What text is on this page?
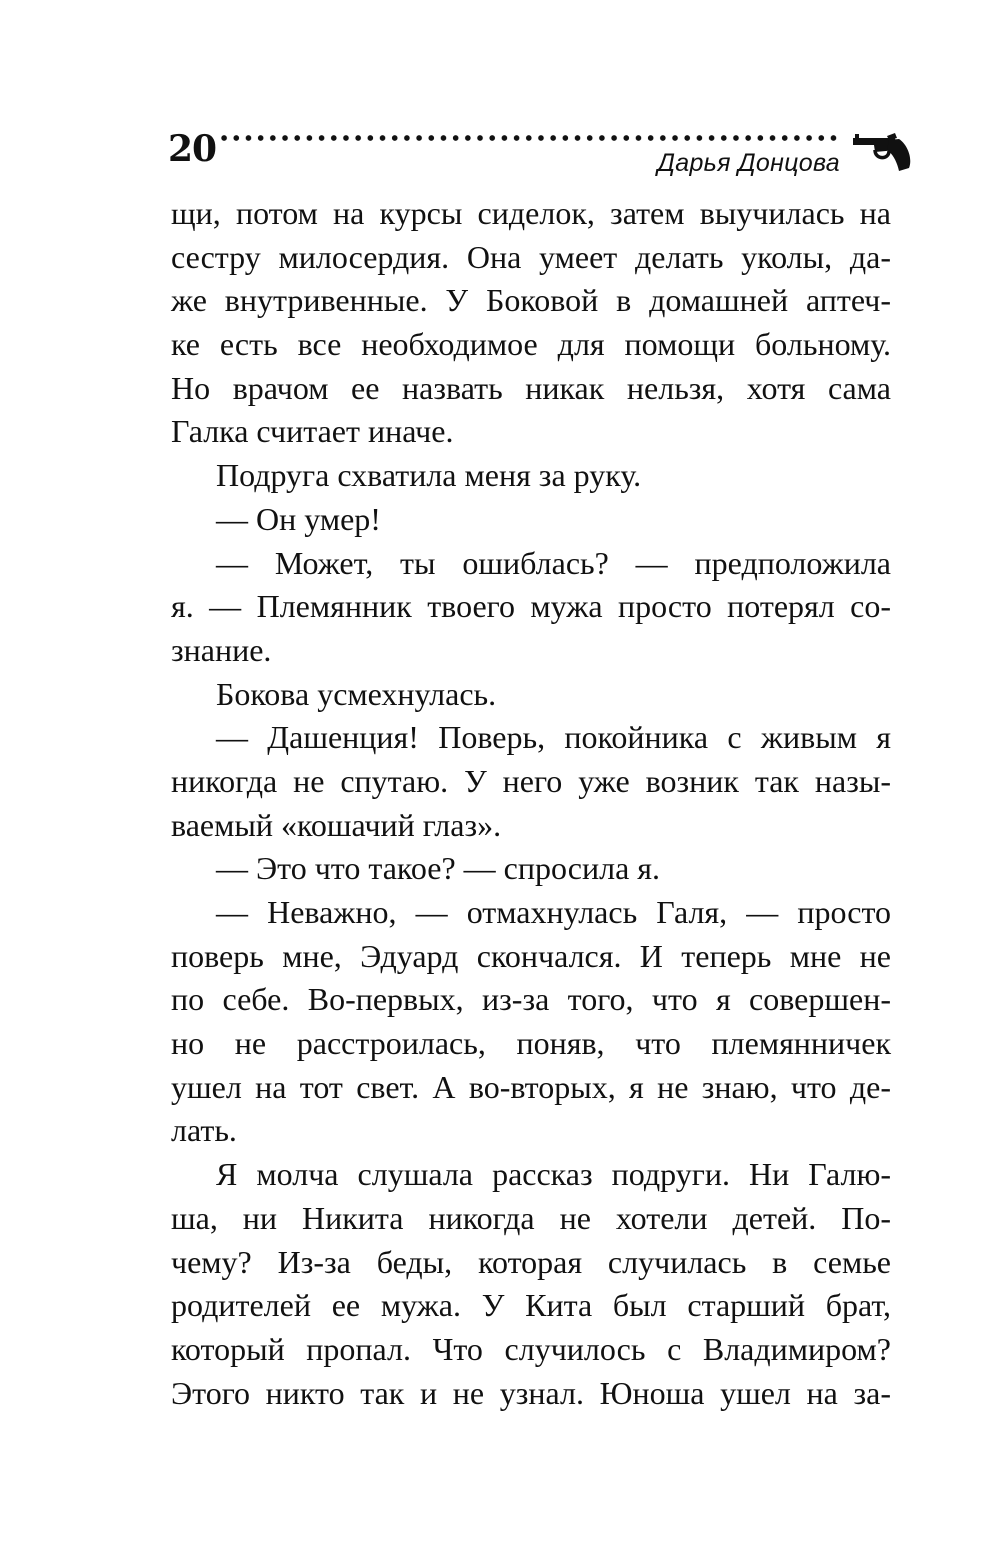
20	Дарья Донцова
щи, потом на курсы сиделок, затем выучилась на
сестру милосердия. Она умеет делать уколы, да-
же внутривенные. У Боковой в домашней аптеч-
ке есть все необходимое для помощи больному.
Но врачом ее назвать никак нельзя, хотя сама
Галка считает иначе.
Подруга схватила меня за руку.
— Он умер!
— Может, ты ошиблась? — предположила
я. — Племянник твоего мужа просто потерял со-
знание.
Бокова усмехнулась.
— Дашенция! Поверь, покойника с живым я
никогда не спутаю. У него уже возник так назы-
ваемый «кошачий глаз».
— Это что такое? — спросила я.
— Неважно, — отмахнулась Галя, — просто
поверь мне, Эдуард скончался. И теперь мне не
по себе. Во-первых, из-за того, что я совершен-
но не расстроилась, поняв, что племянничек
ушел на тот свет. А во-вторых, я не знаю, что де-
лать.
Я молча слушала рассказ подруги. Ни Галю-
ша, ни Никита никогда не хотели детей. По-
чему? Из-за беды, которая случилась в семье
родителей ее мужа. У Кита был старший брат,
который пропал. Что случилось с Владимиром?
Этого никто так и не узнал. Юноша ушел на за-
